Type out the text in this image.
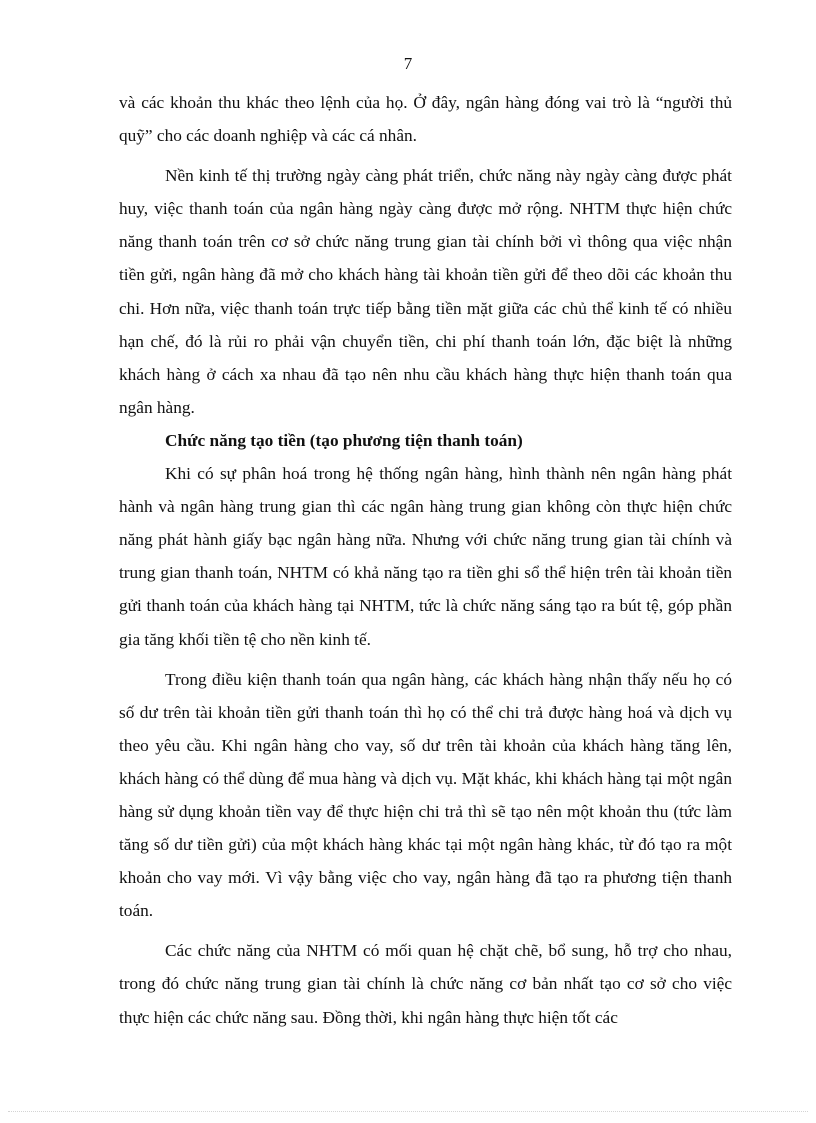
7

và các khoản thu khác theo lệnh của họ. Ở đây, ngân hàng đóng vai trò là “người thủ quỹ” cho các doanh nghiệp và các cá nhân.

Nền kinh tế thị trường ngày càng phát triển, chức năng này ngày càng được phát huy, việc thanh toán của ngân hàng ngày càng được mở rộng. NHTM thực hiện chức năng thanh toán trên cơ sở chức năng trung gian tài chính bởi vì thông qua việc nhận tiền gửi, ngân hàng đã mở cho khách hàng tài khoản tiền gửi để theo dõi các khoản thu chi. Hơn nữa, việc thanh toán trực tiếp bằng tiền mặt giữa các chủ thể kinh tế có nhiều hạn chế, đó là rủi ro phải vận chuyển tiền, chi phí thanh toán lớn, đặc biệt là những khách hàng ở cách xa nhau đã tạo nên nhu cầu khách hàng thực hiện thanh toán qua ngân hàng.

Chức năng tạo tiền (tạo phương tiện thanh toán)

Khi có sự phân hoá trong hệ thống ngân hàng, hình thành nên ngân hàng phát hành và ngân hàng trung gian thì các ngân hàng trung gian không còn thực hiện chức năng phát hành giấy bạc ngân hàng nữa. Nhưng với chức năng trung gian tài chính và trung gian thanh toán, NHTM có khả năng tạo ra tiền ghi sổ thể hiện trên tài khoản tiền gửi thanh toán của khách hàng tại NHTM, tức là chức năng sáng tạo ra bút tệ, góp phần gia tăng khối tiền tệ cho nền kinh tế.

Trong điều kiện thanh toán qua ngân hàng, các khách hàng nhận thấy nếu họ có số dư trên tài khoản tiền gửi thanh toán thì họ có thể chi trả được hàng hoá và dịch vụ theo yêu cầu. Khi ngân hàng cho vay, số dư trên tài khoản của khách hàng tăng lên, khách hàng có thể dùng để mua hàng và dịch vụ. Mặt khác, khi khách hàng tại một ngân hàng sử dụng khoản tiền vay để thực hiện chi trả thì sẽ tạo nên một khoản thu (tức làm tăng số dư tiền gửi) của một khách hàng khác tại một ngân hàng khác, từ đó tạo ra một khoản cho vay mới. Vì vậy bằng việc cho vay, ngân hàng đã tạo ra phương tiện thanh toán.

Các chức năng của NHTM có mối quan hệ chặt chẽ, bổ sung, hỗ trợ cho nhau, trong đó chức năng trung gian tài chính là chức năng cơ bản nhất tạo cơ sở cho việc thực hiện các chức năng sau. Đồng thời, khi ngân hàng thực hiện tốt các
